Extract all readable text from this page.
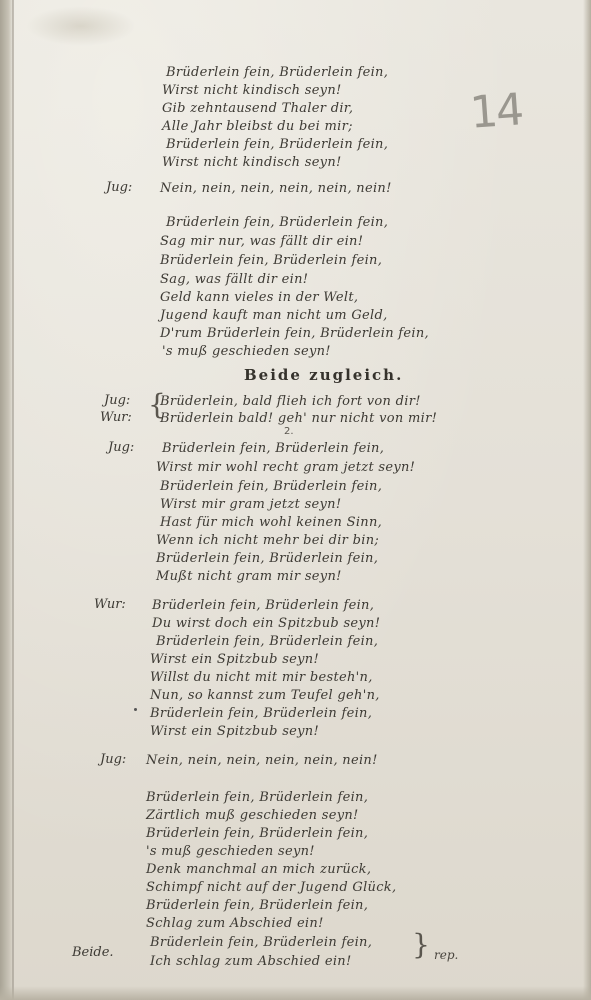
14
Brüderlein fein, Brüderlein fein,
Wirst nicht kindisch seyn!
Gib zehntausend Thaler dir,
Alle Jahr bleibst du bei mir;
Brüderlein fein, Brüderlein fein,
Wirst nicht kindisch seyn!
Jug: Nein, nein, nein, nein, nein, nein!
Brüderlein fein, Brüderlein fein,
Sag mir nur, was fällt dir ein!
Brüderlein fein, Brüderlein fein,
Sag, was fällt dir ein!
Geld kann vieles in der Welt,
Jugend kauft man nicht um Geld,
D'rum Brüderlein fein, Brüderlein fein,
's muß geschieden seyn!
Beide zugleich.
Jug:
Wur: {
Brüderlein, bald flieh ich fort von dir!
Brüderlein bald! geh' nur nicht von mir!
2.
Jug: Brüderlein fein, Brüderlein fein,
Wirst mir wohl recht gram jetzt seyn!
Brüderlein fein, Brüderlein fein,
Wirst mir gram jetzt seyn!
Hast für mich wohl keinen Sinn,
Wenn ich nicht mehr bei dir bin;
Brüderlein fein, Brüderlein fein,
Mußt nicht gram mir seyn!
Wur: Brüderlein fein, Brüderlein fein,
Du wirst doch ein Spitzbub seyn!
Brüderlein fein, Brüderlein fein,
Wirst ein Spitzbub seyn!
Willst du nicht mit mir besteh'n,
Nun, so kannst zum Teufel geh'n,
Brüderlein fein, Brüderlein fein,
Wirst ein Spitzbub seyn!
Jug: Nein, nein, nein, nein, nein, nein!
Brüderlein fein, Brüderlein fein,
Zärtlich muß geschieden seyn!
Brüderlein fein, Brüderlein fein,
's muß geschieden seyn!
Denk manchmal an mich zurück,
Schimpf nicht auf der Jugend Glück,
Brüderlein fein, Brüderlein fein,
Schlag zum Abschied ein!
Beide.
Brüderlein fein, Brüderlein fein,
Ich schlag zum Abschied ein!
{ rep.
